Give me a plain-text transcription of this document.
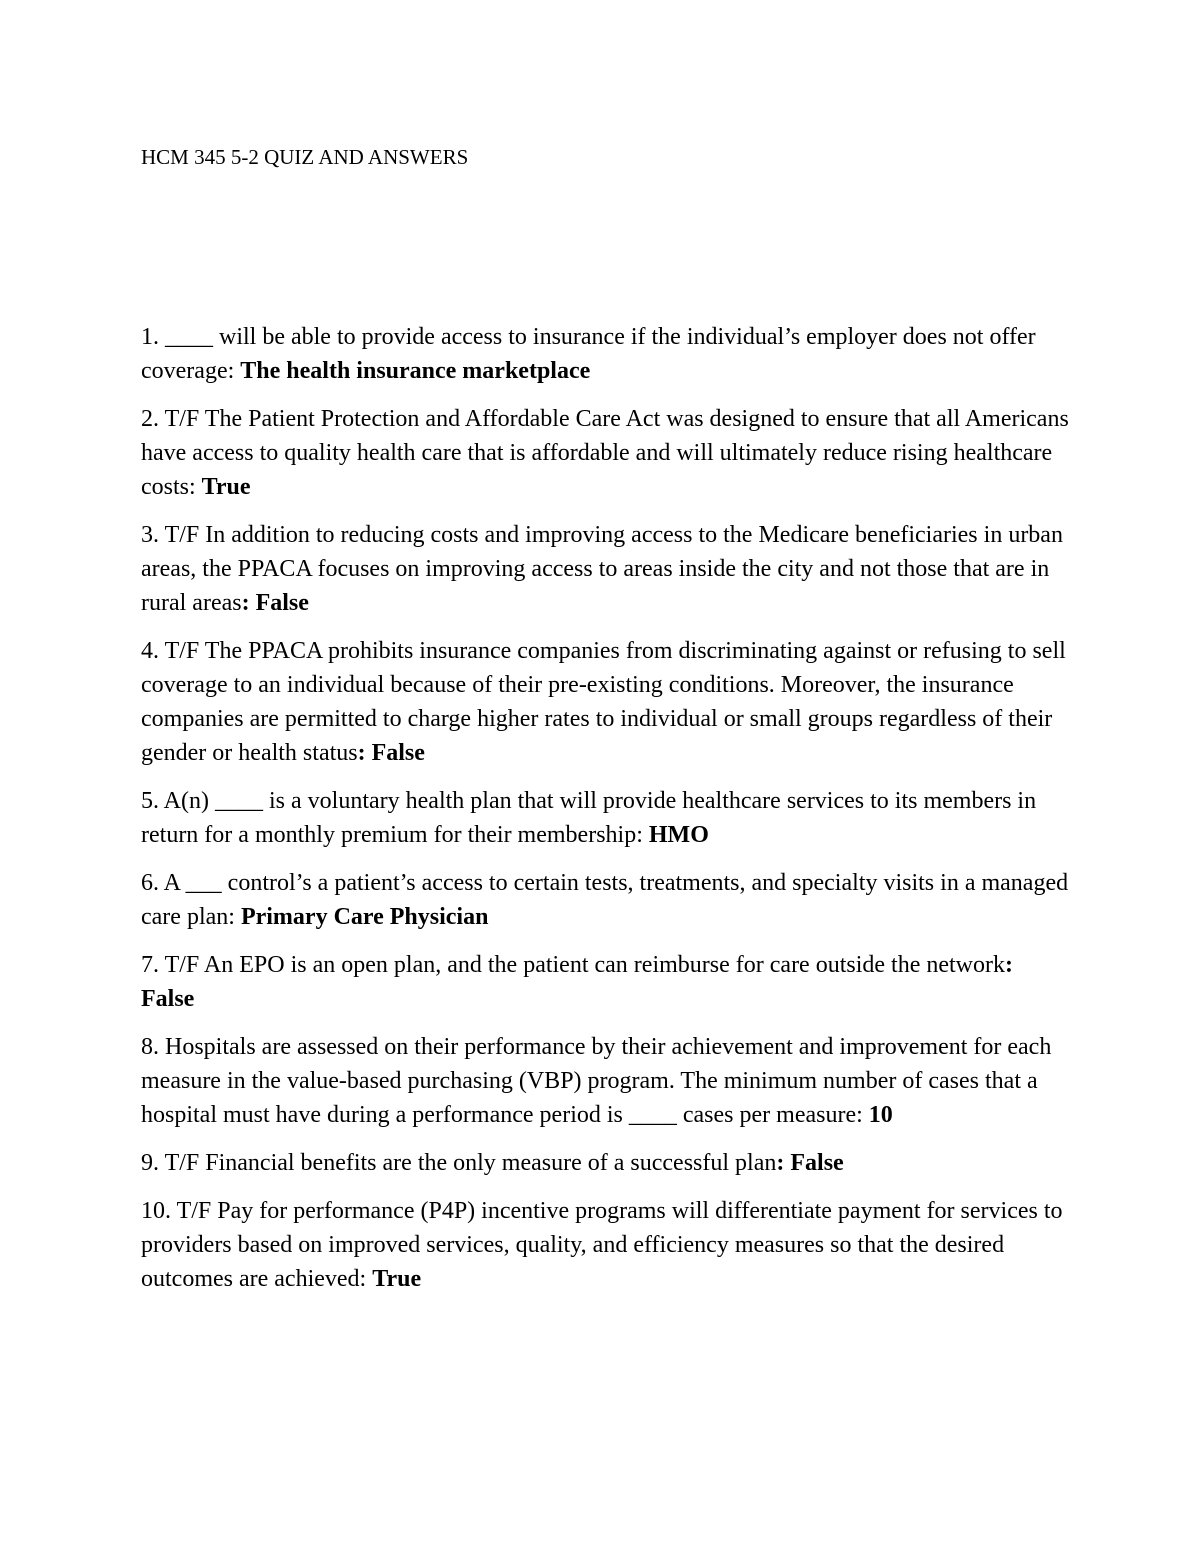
HCM 345 5-2 QUIZ AND ANSWERS

1. ____ will be able to provide access to insurance if the individual’s employer does not offer coverage: The health insurance marketplace

2. T/F The Patient Protection and Affordable Care Act was designed to ensure that all Americans have access to quality health care that is affordable and will ultimately reduce rising healthcare costs: True

3. T/F In addition to reducing costs and improving access to the Medicare beneficiaries in urban areas, the PPACA focuses on improving access to areas inside the city and not those that are in rural areas: False

4. T/F The PPACA prohibits insurance companies from discriminating against or refusing to sell coverage to an individual because of their pre-existing conditions. Moreover, the insurance companies are permitted to charge higher rates to individual or small groups regardless of their gender or health status: False

5. A(n) ____ is a voluntary health plan that will provide healthcare services to its members in return for a monthly premium for their membership: HMO

6. A ___ control’s a patient’s access to certain tests, treatments, and specialty visits in a managed care plan: Primary Care Physician

7. T/F An EPO is an open plan, and the patient can reimburse for care outside the network: False

8. Hospitals are assessed on their performance by their achievement and improvement for each measure in the value-based purchasing (VBP) program. The minimum number of cases that a hospital must have during a performance period is ____ cases per measure: 10

9. T/F Financial benefits are the only measure of a successful plan: False

10. T/F Pay for performance (P4P) incentive programs will differentiate payment for services to providers based on improved services, quality, and efficiency measures so that the desired outcomes are achieved: True
